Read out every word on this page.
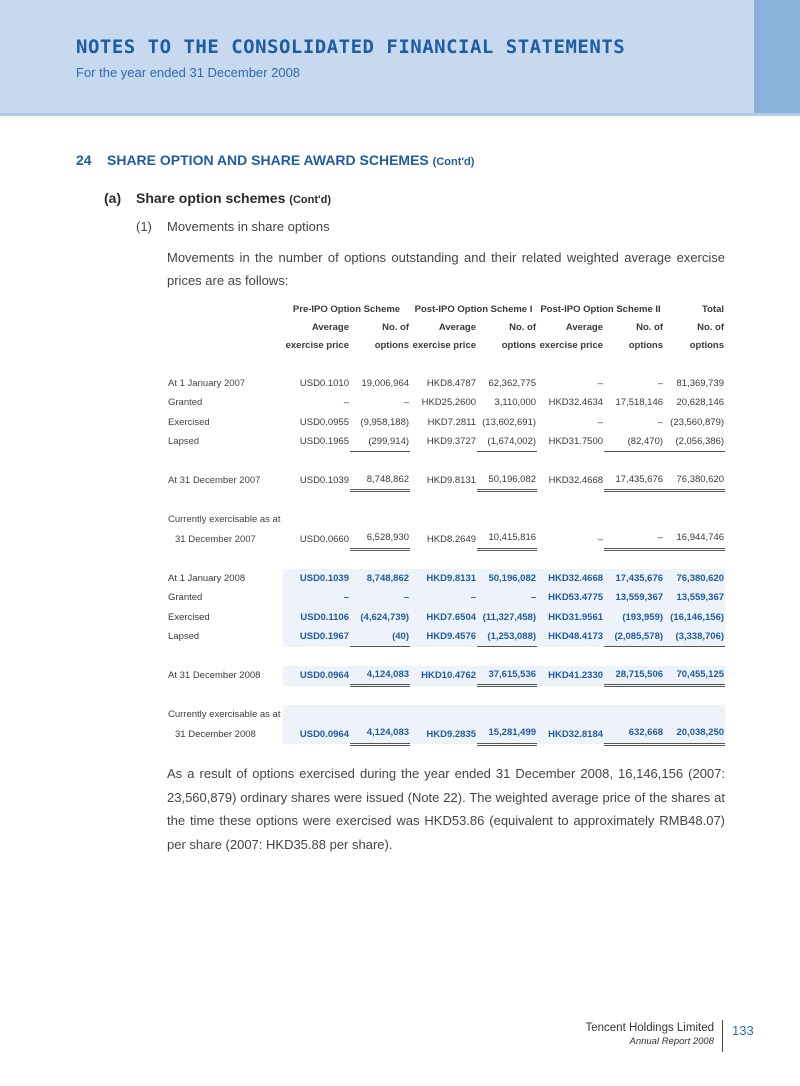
NOTES TO THE CONSOLIDATED FINANCIAL STATEMENTS
For the year ended 31 December 2008
24 SHARE OPTION AND SHARE AWARD SCHEMES (Cont'd)
(a) Share option schemes (Cont'd)
(1) Movements in share options

Movements in the number of options outstanding and their related weighted average exercise prices are as follows:

	Pre-IPO Option Scheme		Post-IPO Option Scheme I		Post-IPO Option Scheme II		Total
	Average	No. of	Average	No. of	Average	No. of	No. of
	exercise price	options	exercise price	options	exercise price	options	options

At 1 January 2007	USD0.1010	19,006,964	HKD8.4787	62,362,775	–	–	81,369,739
Granted	–	–	HKD25.2600	3,110,000	HKD32.4634	17,518,146	20,628,146
Exercised	USD0.0955	(9,958,188)	HKD7.2811	(13,602,691)	–	–	(23,560,879)
Lapsed	USD0.1965	(299,914)	HKD9.3727	(1,674,002)	HKD31.7500	(82,470)	(2,056,386)

At 31 December 2007	USD0.1039	8,748,862	HKD9.8131	50,196,082	HKD32.4668	17,435,676	76,380,620

Currently exercisable as at							
31 December 2007	USD0.0660	6,528,930	HKD8.2649	10,415,816	–	–	16,944,746

At 1 January 2008	USD0.1039	8,748,862	HKD9.8131	50,196,082	HKD32.4668	17,435,676	76,380,620
Granted	–	–	–	–	HKD53.4775	13,559,367	13,559,367
Exercised	USD0.1106	(4,624,739)	HKD7.6504	(11,327,458)	HKD31.9561	(193,959)	(16,146,156)
Lapsed	USD0.1967	(40)	HKD9.4576	(1,253,088)	HKD48.4173	(2,085,578)	(3,338,706)

At 31 December 2008	USD0.0964	4,124,083	HKD10.4762	37,615,536	HKD41.2330	28,715,506	70,455,125

Currently exercisable as at							
31 December 2008	USD0.0964	4,124,083	HKD9.2835	15,281,499	HKD32.8184	632,668	20,038,250

As a result of options exercised during the year ended 31 December 2008, 16,146,156 (2007: 23,560,879) ordinary shares were issued (Note 22). The weighted average price of the shares at the time these options were exercised was HKD53.86 (equivalent to approximately RMB48.07) per share (2007: HKD35.88 per share).

Tencent Holdings Limited
Annual Report 2008
133
